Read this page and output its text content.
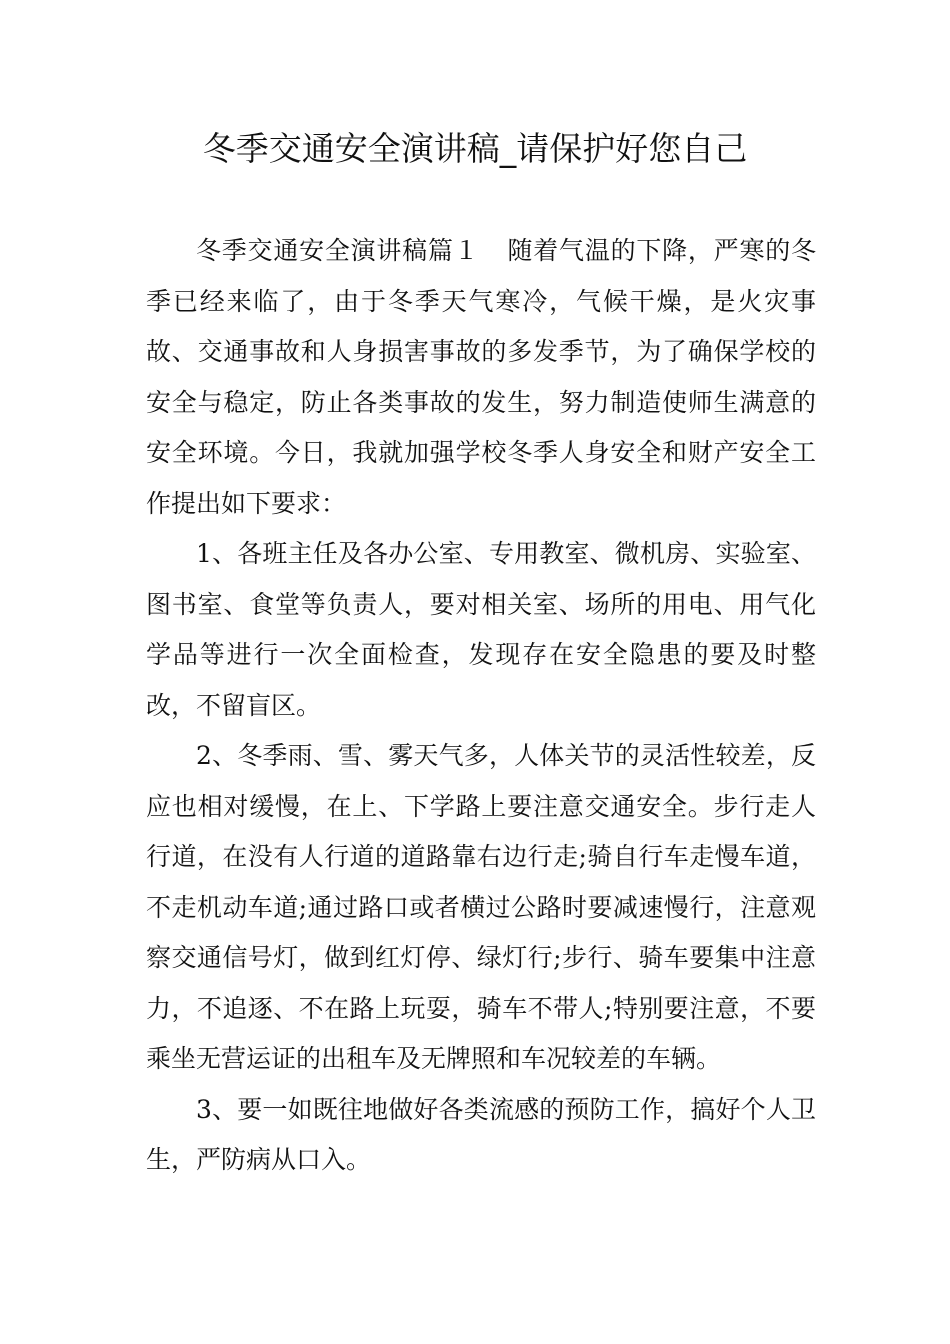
冬季交通安全演讲稿_请保护好您自己

冬季交通安全演讲稿篇１ 随着气温的下降，严寒的冬季已经来临了，由于冬季天气寒冷，气候干燥，是火灾事故、交通事故和人身损害事故的多发季节，为了确保学校的安全与稳定，防止各类事故的发生，努力制造使师生满意的安全环境。今日，我就加强学校冬季人身安全和财产安全工作提出如下要求：

1、各班主任及各办公室、专用教室、微机房、实验室、图书室、食堂等负责人，要对相关室、场所的用电、用气化学品等进行一次全面检查，发现存在安全隐患的要及时整改，不留盲区。

2、冬季雨、雪、雾天气多，人体关节的灵活性较差，反应也相对缓慢，在上、下学路上要注意交通安全。步行走人行道，在没有人行道的道路靠右边行走;骑自行车走慢车道，不走机动车道;通过路口或者横过公路时要减速慢行，注意观察交通信号灯，做到红灯停、绿灯行;步行、骑车要集中注意力，不追逐、不在路上玩耍，骑车不带人;特别要注意，不要乘坐无营运证的出租车及无牌照和车况较差的车辆。

3、要一如既往地做好各类流感的预防工作，搞好个人卫生，严防病从口入。
